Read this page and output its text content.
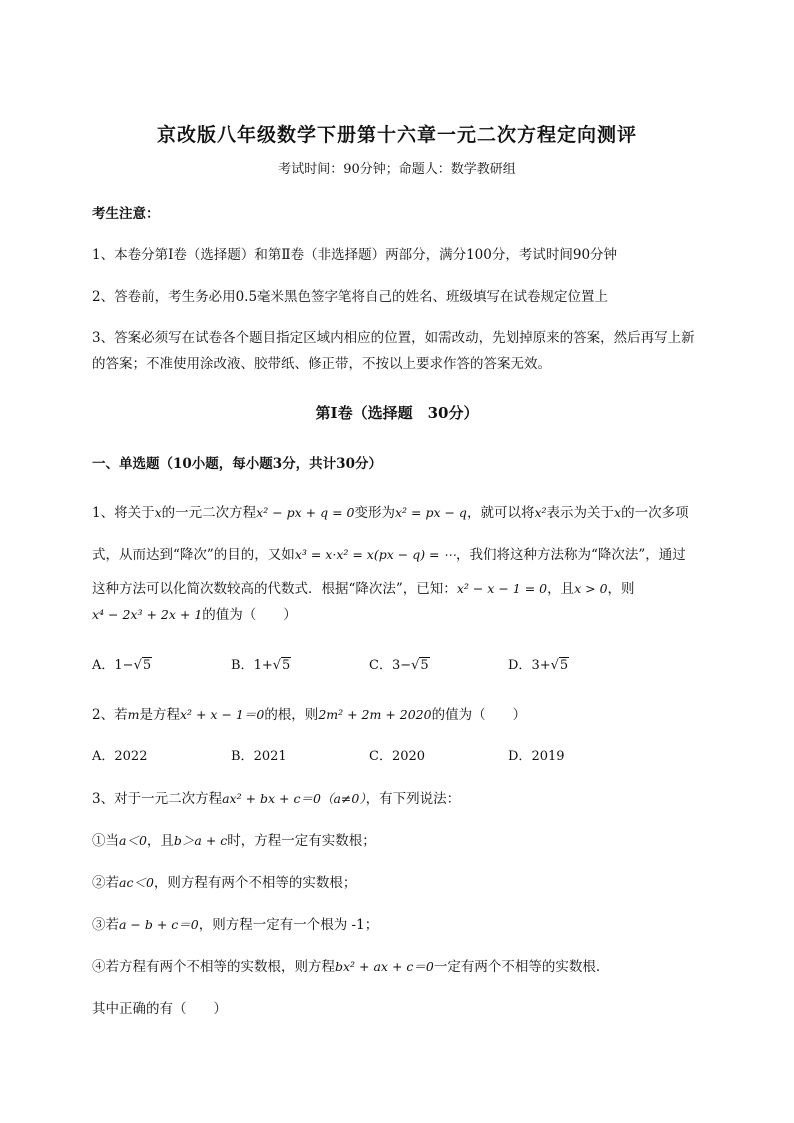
京改版八年级数学下册第十六章一元二次方程定向测评
考试时间：90分钟；命题人：数学教研组
考生注意：
1、本卷分第I卷（选择题）和第Ⅱ卷（非选择题）两部分，满分100分，考试时间90分钟
2、答卷前，考生务必用0.5毫米黑色签字笔将自己的姓名、班级填写在试卷规定位置上
3、答案必须写在试卷各个题目指定区域内相应的位置，如需改动，先划掉原来的答案，然后再写上新
的答案；不准使用涂改液、胶带纸、修正带，不按以上要求作答的答案无效。
第I卷（选择题　30分）
一、单选题（10小题，每小题3分，共计30分）
1、将关于x的一元二次方程x² − px + q = 0变形为x² = px − q，就可以将x²表示为关于x的一次多项
式，从而达到“降次”的目的，又如x³ = x·x² = x(px − q) = ⋯，我们将这种方法称为“降次法”，通过
这种方法可以化简次数较高的代数式．根据“降次法”，已知：x² − x − 1 = 0，且x > 0，则
x⁴ − 2x³ + 2x + 1的值为（　　）
A．1−√5	B．1+√5	C．3−√5	D．3+√5
2、若m是方程x² + x − 1＝0的根，则2m² + 2m + 2020的值为（　　）
A．2022	B．2021	C．2020	D．2019
3、对于一元二次方程ax² + bx + c＝0（a≠0），有下列说法：
①当a＜0，且b＞a + c时，方程一定有实数根；
②若ac＜0，则方程有两个不相等的实数根；
③若a − b + c＝0，则方程一定有一个根为 -1；
④若方程有两个不相等的实数根，则方程bx² + ax + c＝0一定有两个不相等的实数根．
其中正确的有（　　）
